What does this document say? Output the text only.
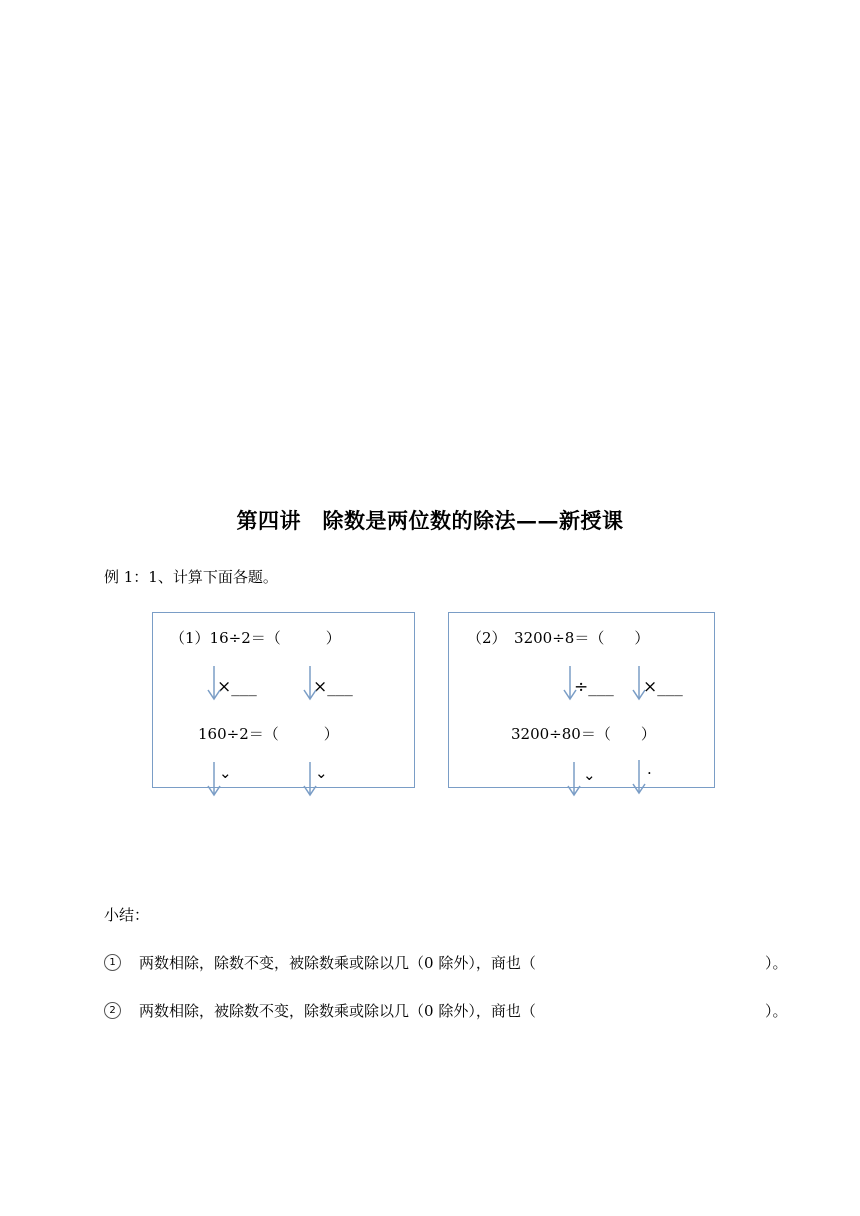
第四讲　除数是两位数的除法——新授课
例 1：1、计算下面各题。
（1）16÷2＝（　　　）
×___	×___
160÷2＝（　　　）
⌄	⌄
（2）　3200÷8＝（　　）
÷___ ×___
3200÷80＝（　　）
⌄	·
小结：
1	两数相除，除数不变，被除数乘或除以几（0 除外），商也（	）。
2	两数相除，被除数不变，除数乘或除以几（0 除外），商也（	）。
